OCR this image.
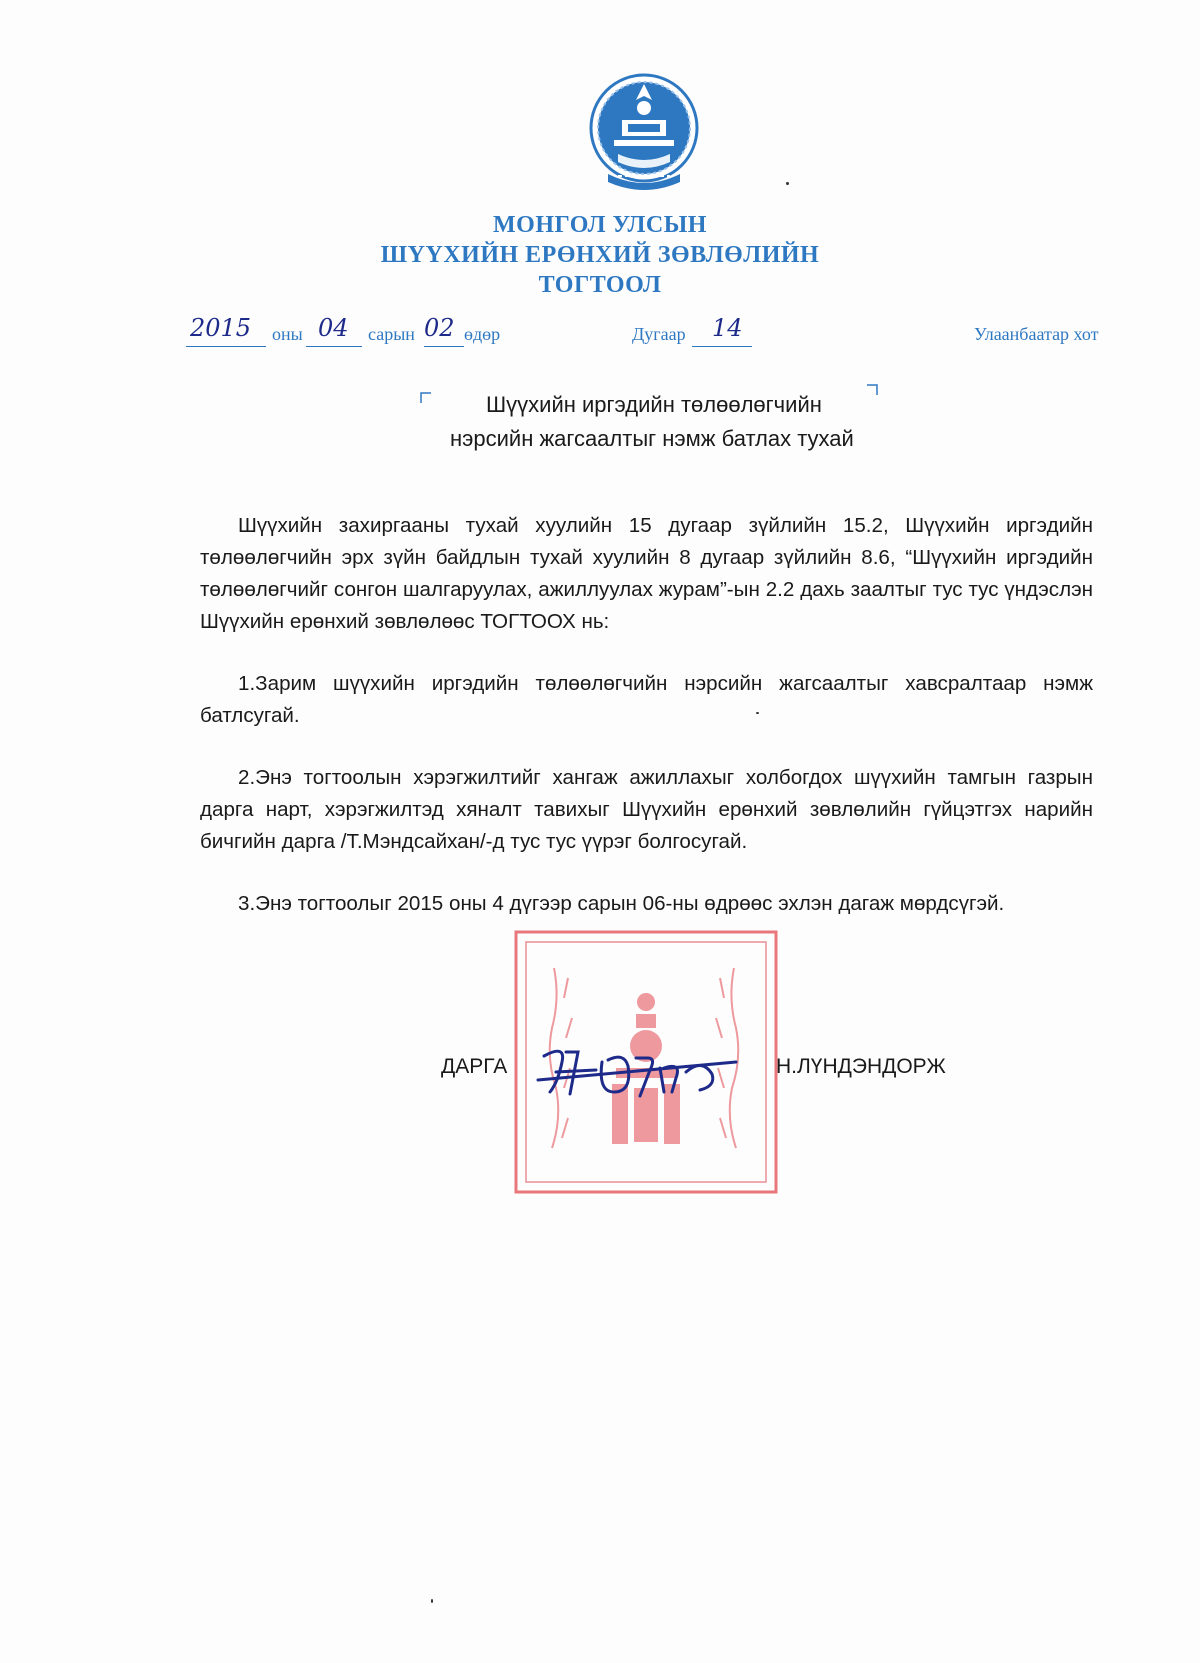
МОНГОЛ УЛСЫН
ШҮҮХИЙН ЕРӨНХИЙ ЗӨВЛӨЛИЙН
ТОГТООЛ
2015 оны 04 сарын 02 өдөр	Дугаар 14	Улаанбаатар хот
Шүүхийн иргэдийн төлөөлөгчийн
нэрсийн жагсаалтыг нэмж батлах тухай

Шүүхийн захиргааны тухай хуулийн 15 дугаар зүйлийн 15.2, Шүүхийн иргэдийн төлөөлөгчийн эрх зүйн байдлын тухай хуулийн 8 дугаар зүйлийн 8.6, “Шүүхийн иргэдийн төлөөлөгчийг сонгон шалгаруулах, ажиллуулах журам”-ын 2.2 дахь заалтыг тус тус үндэслэн Шүүхийн ерөнхий зөвлөлөөс ТОГТООХ нь:

1.Зарим шүүхийн иргэдийн төлөөлөгчийн нэрсийн жагсаалтыг хавсралтаар нэмж батлсугай.

2.Энэ тогтоолын хэрэгжилтийг хангаж ажиллахыг холбогдох шүүхийн тамгын газрын дарга нарт, хэрэгжилтэд хяналт тавихыг Шүүхийн ерөнхий зөвлөлийн гүйцэтгэх нарийн бичгийн дарга /Т.Мэндсайхан/-д тус тус үүрэг болгосугай.

3.Энэ тогтоолыг 2015 оны 4 дүгээр сарын 06-ны өдрөөс эхлэн дагаж мөрдсүгэй.

ДАРГА	Н.ЛҮНДЭНДОРЖ
